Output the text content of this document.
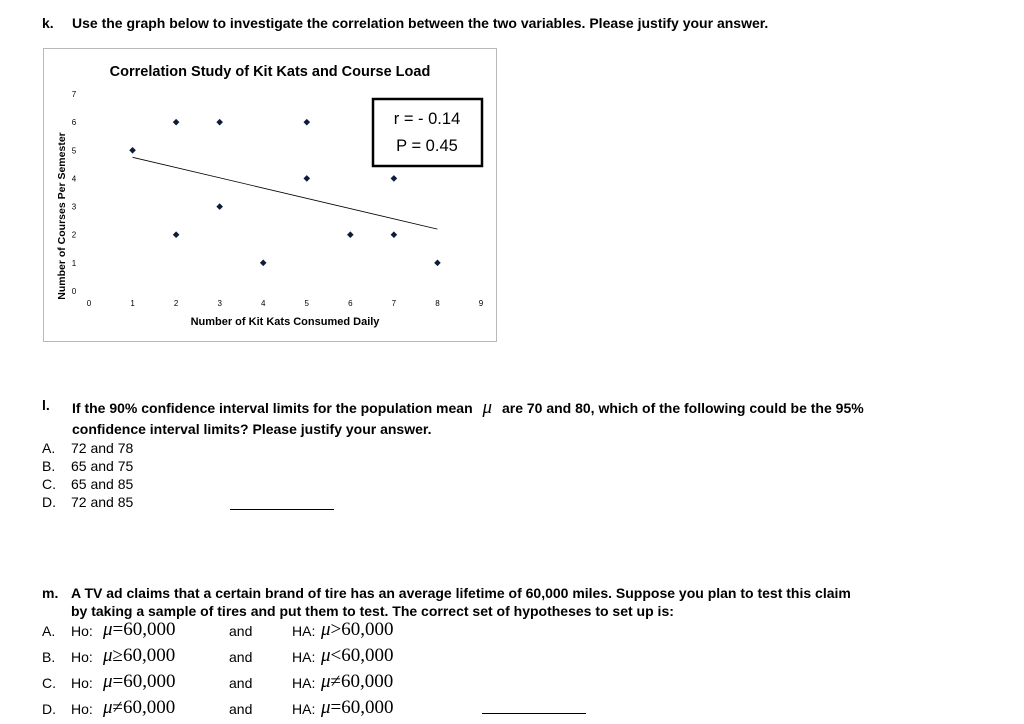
k. Use the graph below to investigate the correlation between the two variables. Please justify your answer.
Correlation Study of Kit Kats and Course Load
Number of Kit Kats Consumed Daily
Number of Courses Per Semester 0
1
2
3
4
5
6
7
0	1	2	3	4	5	6	7	8	9
r = - 0.14
P = 0.45
l. If the 90% confidence interval limits for the population mean μ are 70 and 80, which of the following could be the 95%
confidence interval limits? Please justify your answer.
A. 72 and 78
B. 65 and 75
C. 65 and 85
D. 72 and 85
m. A TV ad claims that a certain brand of tire has an average lifetime of 60,000 miles. Suppose you plan to test this claim
by taking a sample of tires and put them to test. The correct set of hypotheses to set up is:
A. Ho: μ=60,000	and	HA: μ>60,000
B. Ho: μ≥60,000	and	HA: μ<60,000
C. Ho: μ=60,000	and	HA: μ≠60,000
D. Ho: μ≠60,000	and	HA: μ=60,000
